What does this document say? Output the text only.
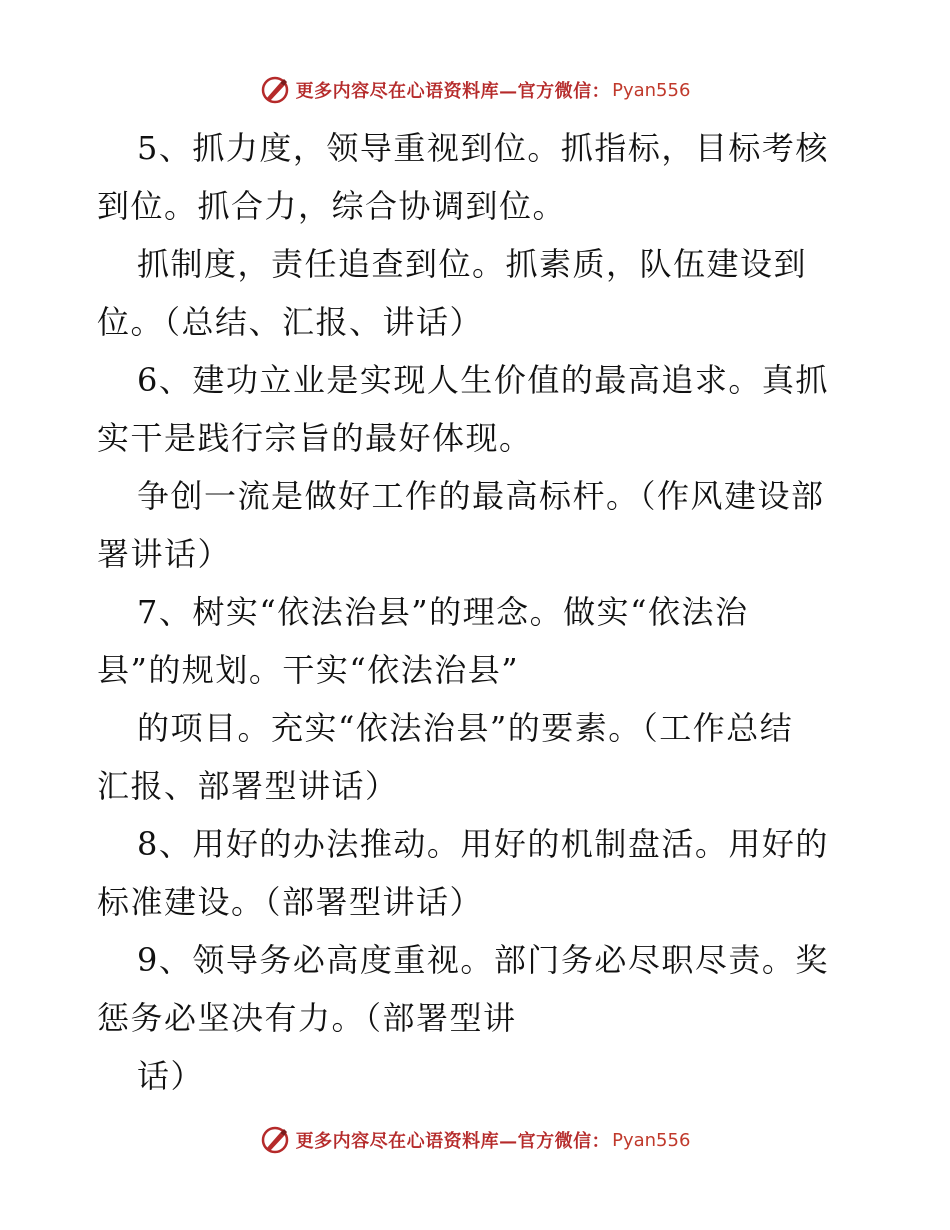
更多内容尽在心语资料库—官方微信： Pyan556
5、抓力度，领导重视到位。抓指标，目标考核
到位。抓合力，综合协调到位。
抓制度，责任追查到位。抓素质，队伍建设到
位。（总结、汇报、讲话）
6、建功立业是实现人生价值的最高追求。真抓
实干是践行宗旨的最好体现。
争创一流是做好工作的最高标杆。（作风建设部
署讲话）
7、树实“依法治县”的理念。做实“依法治
县”的规划。干实“依法治县”
的项目。充实“依法治县”的要素。（工作总结
汇报、部署型讲话）
8、用好的办法推动。用好的机制盘活。用好的
标准建设。（部署型讲话）
9、领导务必高度重视。部门务必尽职尽责。奖
惩务必坚决有力。（部署型讲
话）
更多内容尽在心语资料库—官方微信： Pyan556
